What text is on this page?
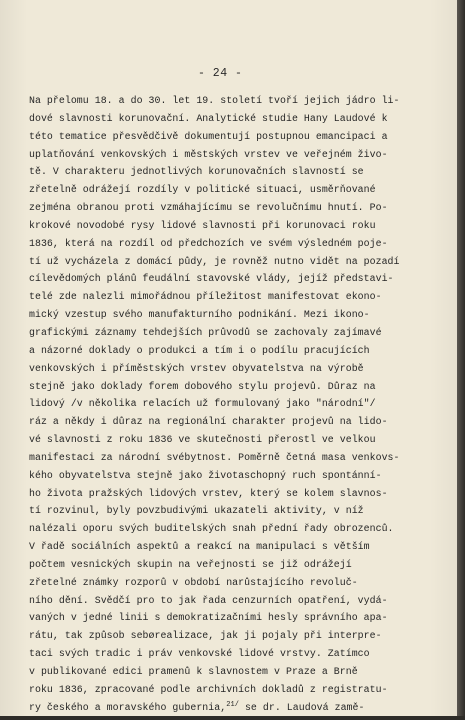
- 24 -
Na přelomu 18. a do 30. let 19. století tvoří jejich jádro li-
dové slavnosti korunovační. Analytické studie Hany Laudové k
této tematice přesvědčivě dokumentují postupnou emancipaci a
uplatňování venkovských i městských vrstev ve veřejném živo-
tě. V charakteru jednotlivých korunovačních slavností se
zřetelně odrážejí rozdíly v politické situaci, usměrňované
zejména obranou proti vzmáhajícímu se revolučnímu hnutí. Po-
krokové novodobé rysy lidové slavnosti při korunovaci roku
1836, která na rozdíl od předchozích ve svém výsledném poje-
tí už vycházela z domácí půdy, je rovněž nutno vidět na pozadí
cílevědomých plánů feudální stavovské vlády, jejíž představi-
telé zde nalezli mimořádnou příležitost manifestovat ekono-
mický vzestup svého manufakturního podnikání. Mezi ikono-
grafickými záznamy tehdejších průvodů se zachovaly zajímavé
a názorné doklady o produkci a tím i o podílu pracujících
venkovských i příměstských vrstev obyvatelstva na výrobě
stejně jako doklady forem dobového stylu projevů. Důraz na
lidový /v několika relacích už formulovaný jako "národní"/
ráz a někdy i důraz na regionální charakter projevů na lido-
vé slavnosti z roku 1836 ve skutečnosti přerostl ve velkou
manifestaci za národní svébytnost. Poměrně četná masa venkovs-
kého obyvatelstva stejně jako životaschopný ruch spontánní-
ho života pražských lidových vrstev, který se kolem slavnos-
tí rozvinul, byly povzbudivými ukazateli aktivity, v níž
nalézali oporu svých buditelských snah přední řady obrozenců.
V řadě sociálních aspektů a reakcí na manipulaci s větším
počtem vesnických skupin na veřejnosti se již odrážejí
zřetelné známky rozporů v období narůstajícího revoluč-
ního dění. Svědčí pro to jak řada cenzurních opatření, vydá-
vaných v jedné linii s demokratizačními hesly správního apa-
rátu, tak způsob sebørealizace, jak ji pojaly při interpre-
taci svých tradic i práv venkovské lidové vrstvy. Zatímco
v publikované edici pramenů k slavnostem v Praze a Brně
roku 1836, zpracované podle archivních dokladů z registratu-
ry českého a moravského gubernia,$^{21/}$ se dr. Laudová zamě-
